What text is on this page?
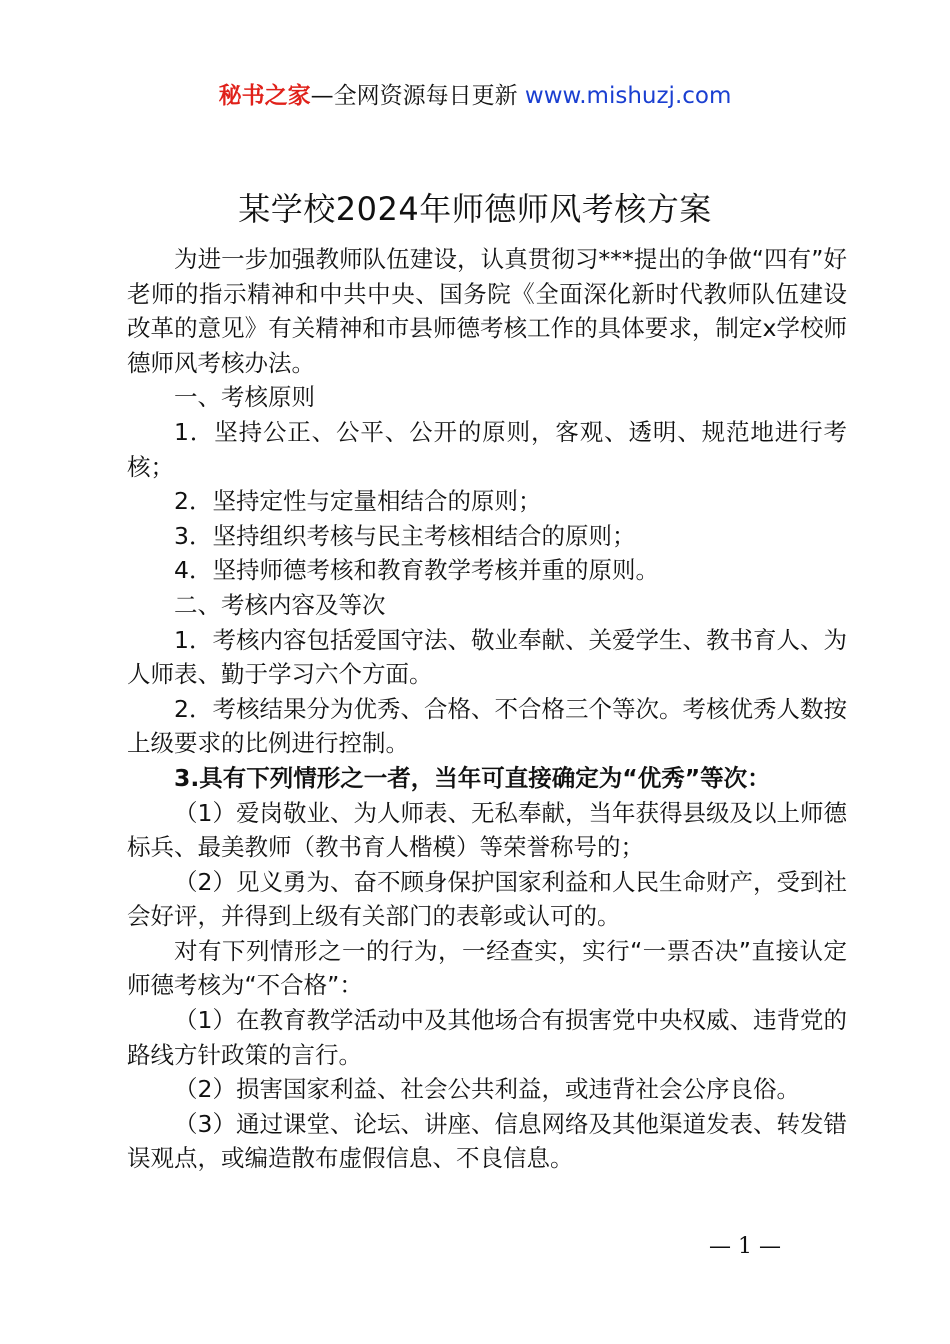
秘书之家—全网资源每日更新 www.mishuzj.com
某学校2024年师德师风考核方案

为进一步加强教师队伍建设，认真贯彻习***提出的争做“四有”好老师的指示精神和中共中央、国务院《全面深化新时代教师队伍建设改革的意见》有关精神和市县师德考核工作的具体要求，制定x学校师德师风考核办法。

一、考核原则

1．坚持公正、公平、公开的原则，客观、透明、规范地进行考核；

2．坚持定性与定量相结合的原则；

3．坚持组织考核与民主考核相结合的原则；

4．坚持师德考核和教育教学考核并重的原则。

二、考核内容及等次

1．考核内容包括爱国守法、敬业奉献、关爱学生、教书育人、为人师表、勤于学习六个方面。

2．考核结果分为优秀、合格、不合格三个等次。考核优秀人数按上级要求的比例进行控制。

3.具有下列情形之一者，当年可直接确定为“优秀”等次：

（1）爱岗敬业、为人师表、无私奉献，当年获得县级及以上师德标兵、最美教师（教书育人楷模）等荣誉称号的；

（2）见义勇为、奋不顾身保护国家利益和人民生命财产，受到社会好评，并得到上级有关部门的表彰或认可的。

对有下列情形之一的行为，一经查实，实行“一票否决”直接认定师德考核为“不合格”：

（1）在教育教学活动中及其他场合有损害党中央权威、违背党的路线方针政策的言行。

（2）损害国家利益、社会公共利益，或违背社会公序良俗。

（3）通过课堂、论坛、讲座、信息网络及其他渠道发表、转发错误观点，或编造散布虚假信息、不良信息。

— 1 —
